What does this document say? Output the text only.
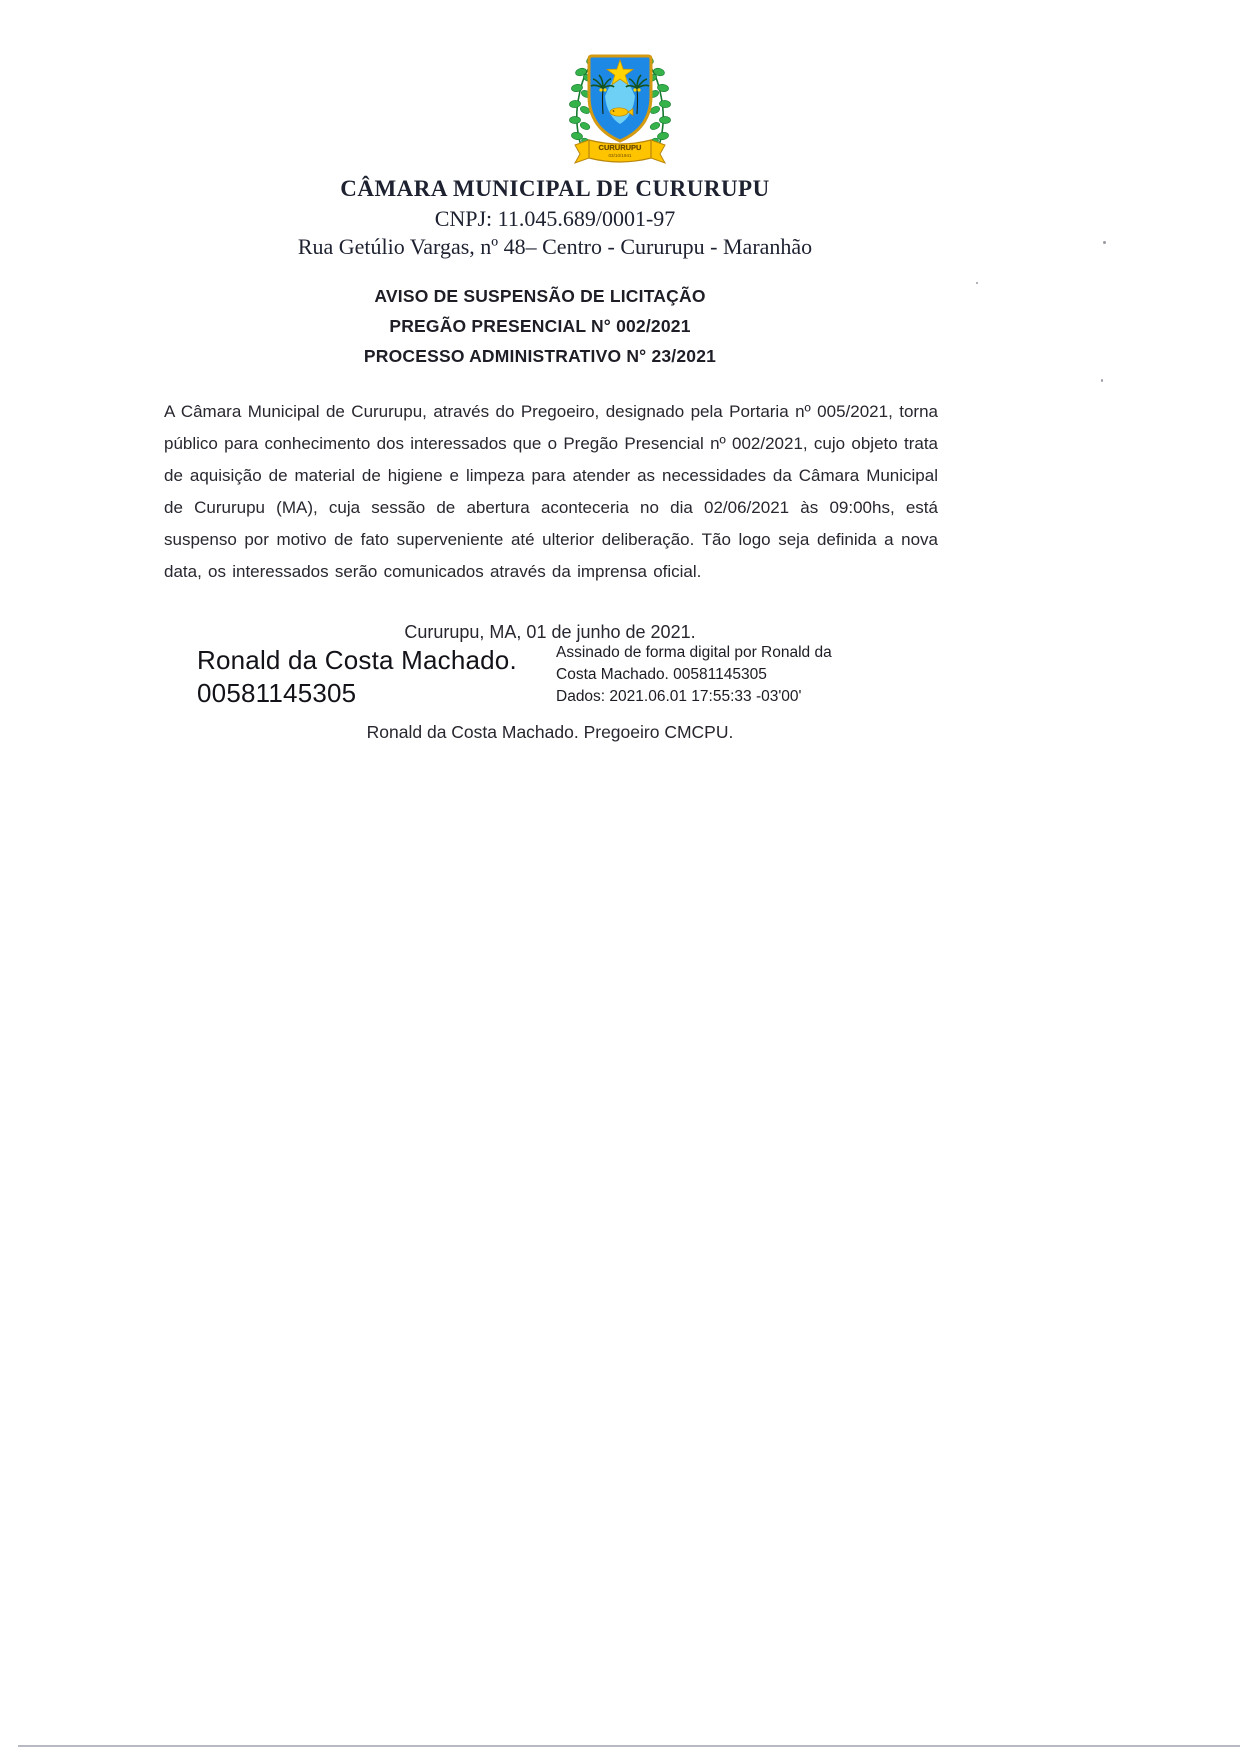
CURURUPU
03/10/1941
CÂMARA MUNICIPAL DE CURURUPU
CNPJ: 11.045.689/0001-97
Rua Getúlio Vargas, nº 48– Centro - Cururupu - Maranhão
AVISO DE SUSPENSÃO DE LICITAÇÃO
PREGÃO PRESENCIAL N° 002/2021
PROCESSO ADMINISTRATIVO N° 23/2021

A Câmara Municipal de Cururupu, através do Pregoeiro, designado pela Portaria nº 005/2021, torna público para conhecimento dos interessados que o Pregão Presencial nº 002/2021, cujo objeto trata de aquisição de material de higiene e limpeza para atender as necessidades da Câmara Municipal de Cururupu (MA), cuja sessão de abertura aconteceria no dia 02/06/2021 às 09:00hs, está suspenso por motivo de fato superveniente até ulterior deliberação. Tão logo seja definida a nova data, os interessados serão comunicados através da imprensa oficial.

Cururupu, MA, 01 de junho de 2021.
Ronald da Costa Machado.
00581145305
Assinado de forma digital por Ronald da
Costa Machado. 00581145305
Dados: 2021.06.01 17:55:33 -03'00'
Ronald da Costa Machado. Pregoeiro CMCPU.
